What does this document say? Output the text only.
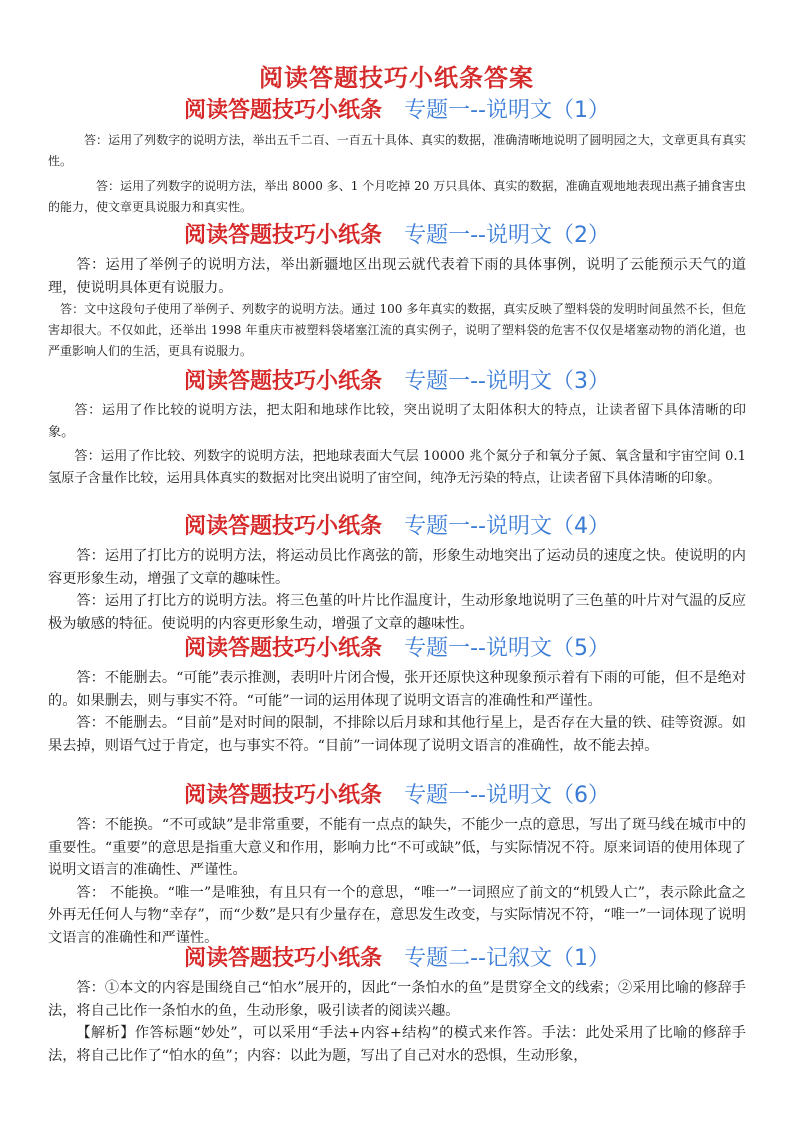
阅读答题技巧小纸条答案
阅读答题技巧小纸条 专题一--说明文（1）

答：运用了列数字的说明方法，举出五千二百、一百五十具体、真实的数据，准确清晰地说明了圆明园之大，文章更具有真实性。

答：运用了列数字的说明方法，举出 8000 多、1 个月吃掉 20 万只具体、真实的数据，准确直观地地表现出燕子捕食害虫的能力，使文章更具说服力和真实性。

阅读答题技巧小纸条 专题一--说明文（2）

答：运用了举例子的说明方法，举出新疆地区出现云就代表着下雨的具体事例，说明了云能预示天气的道理，使说明具体更有说服力。

答：文中这段句子使用了举例子、列数字的说明方法。通过 100 多年真实的数据，真实反映了塑料袋的发明时间虽然不长，但危害却很大。不仅如此，还举出 1998 年重庆市被塑料袋堵塞江流的真实例子，说明了塑料袋的危害不仅仅是堵塞动物的消化道，也严重影响人们的生活，更具有说服力。

阅读答题技巧小纸条 专题一--说明文（3）

答：运用了作比较的说明方法，把太阳和地球作比较，突出说明了太阳体积大的特点，让读者留下具体清晰的印象。

答：运用了作比较、列数字的说明方法，把地球表面大气层 10000 兆个氮分子和氧分子氮、氧含量和宇宙空间 0.1 氢原子含量作比较，运用具体真实的数据对比突出说明了宙空间，纯净无污染的特点，让读者留下具体清晰的印象。

阅读答题技巧小纸条 专题一--说明文（4）

答：运用了打比方的说明方法，将运动员比作离弦的箭，形象生动地突出了运动员的速度之快。使说明的内容更形象生动，增强了文章的趣味性。

答：运用了打比方的说明方法。将三色堇的叶片比作温度计，生动形象地说明了三色堇的叶片对气温的反应极为敏感的特征。使说明的内容更形象生动，增强了文章的趣味性。

阅读答题技巧小纸条 专题一--说明文（5）

答：不能删去。“可能”表示推测，表明叶片闭合慢，张开还原快这种现象预示着有下雨的可能，但不是绝对的。如果删去，则与事实不符。“可能”一词的运用体现了说明文语言的准确性和严谨性。

答：不能删去。“目前”是对时间的限制，不排除以后月球和其他行星上，是否存在大量的铁、硅等资源。如果去掉，则语气过于肯定，也与事实不符。“目前”一词体现了说明文语言的准确性，故不能去掉。

阅读答题技巧小纸条 专题一--说明文（6）

答：不能换。“不可或缺”是非常重要，不能有一点点的缺失，不能少一点的意思，写出了斑马线在城市中的重要性。“重要”的意思是指重大意义和作用，影响力比“不可或缺”低，与实际情况不符。原来词语的使用体现了说明文语言的准确性、严谨性。

答： 不能换。“唯一”是唯独，有且只有一个的意思，“唯一”一词照应了前文的“机毁人亡”，表示除此盒之外再无任何人与物“幸存”，而“少数”是只有少量存在，意思发生改变，与实际情况不符，“唯一”一词体现了说明文语言的准确性和严谨性。

阅读答题技巧小纸条 专题二--记叙文（1）

答：①本文的内容是围绕自己“怕水”展开的，因此“一条怕水的鱼”是贯穿全文的线索；②采用比喻的修辞手法，将自己比作一条怕水的鱼，生动形象，吸引读者的阅读兴趣。

【解析】作答标题“妙处”，可以采用“手法+内容+结构”的模式来作答。手法：此处采用了比喻的修辞手法，将自己比作了“怕水的鱼”；内容：以此为题，写出了自己对水的恐惧，生动形象，
